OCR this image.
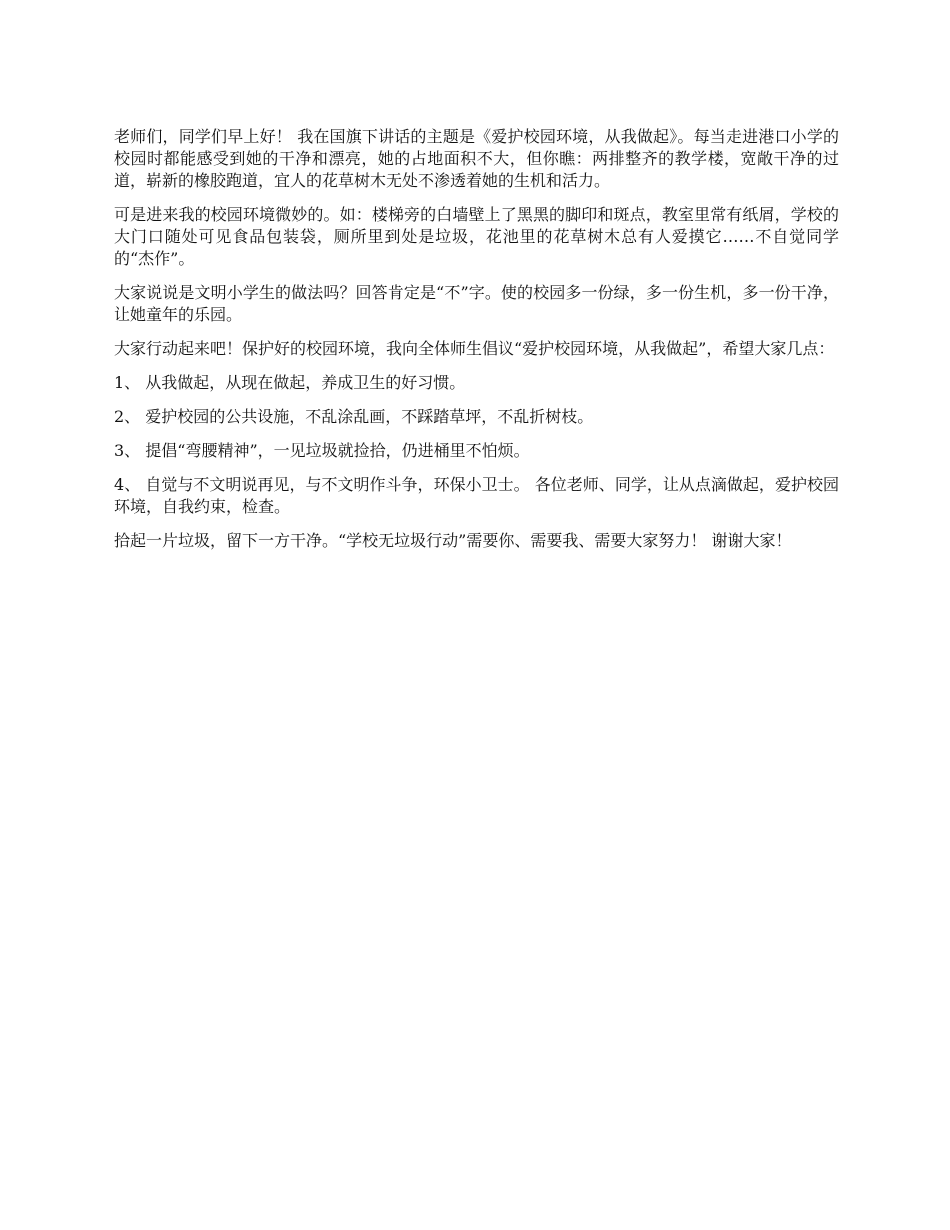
老师们，同学们早上好！ 我在国旗下讲话的主题是《爱护校园环境，从我做起》。每当走进港口小学的校园时都能感受到她的干净和漂亮，她的占地面积不大，但你瞧：两排整齐的教学楼，宽敞干净的过道，崭新的橡胶跑道，宜人的花草树木无处不渗透着她的生机和活力。

可是进来我的校园环境微妙的。如：楼梯旁的白墙壁上了黑黑的脚印和斑点，教室里常有纸屑，学校的大门口随处可见食品包装袋，厕所里到处是垃圾，花池里的花草树木总有人爱摸它……不自觉同学的“杰作”。

大家说说是文明小学生的做法吗？回答肯定是“不”字。使的校园多一份绿，多一份生机，多一份干净，让她童年的乐园。

大家行动起来吧！保护好的校园环境，我向全体师生倡议“爱护校园环境，从我做起”，希望大家几点：

1、 从我做起，从现在做起，养成卫生的好习惯。

2、 爱护校园的公共设施，不乱涂乱画，不踩踏草坪，不乱折树枝。

3、 提倡“弯腰精神”，一见垃圾就捡拾，仍进桶里不怕烦。

4、 自觉与不文明说再见，与不文明作斗争，环保小卫士。 各位老师、同学，让从点滴做起，爱护校园环境，自我约束，检查。

拾起一片垃圾，留下一方干净。“学校无垃圾行动”需要你、需要我、需要大家努力！ 谢谢大家！
